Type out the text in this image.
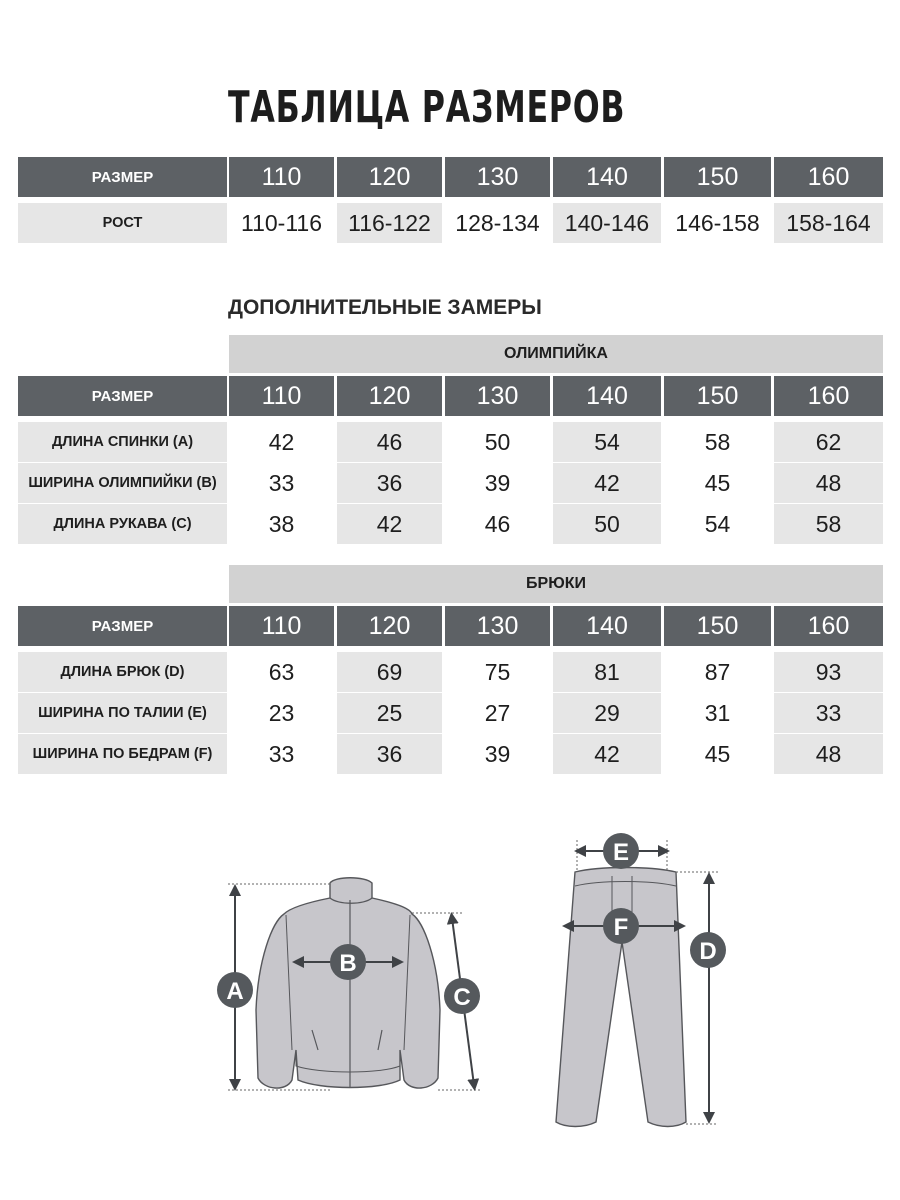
ТАБЛИЦА РАЗМЕРОВ
РАЗМЕР	110	120	130	140	150	160
РОСТ	110-116	116-122	128-134	140-146	146-158	158-164
ДОПОЛНИТЕЛЬНЫЕ ЗАМЕРЫ
ОЛИМПИЙКА
РАЗМЕР	110	120	130	140	150	160
ДЛИНА СПИНКИ (А)	42	46	50	54	58	62
ШИРИНА ОЛИМПИЙКИ (В)	33	36	39	42	45	48
ДЛИНА РУКАВА (С)	38	42	46	50	54	58
БРЮКИ
РАЗМЕР	110	120	130	140	150	160
ДЛИНА БРЮК (D)	63	69	75	81	87	93
ШИРИНА ПО ТАЛИИ (Е)	23	25	27	29	31	33
ШИРИНА ПО БЕДРАМ (F)	33	36	39	42	45	48
A
B
C
E
F
D
